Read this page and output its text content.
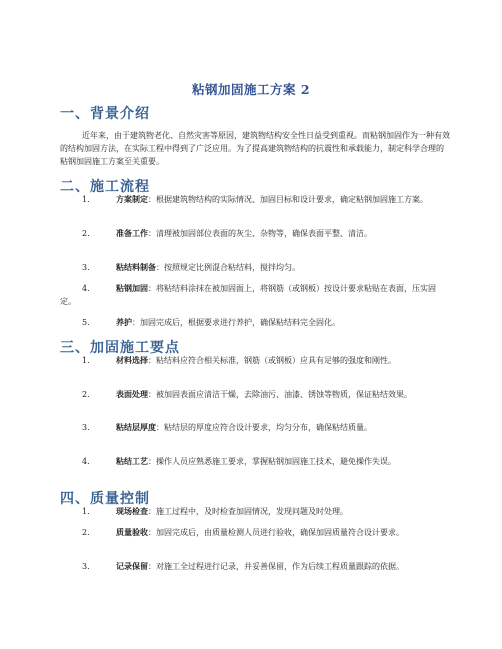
粘钢加固施工方案 2
一、背景介绍
近年来，由于建筑物老化、自然灾害等原因，建筑物结构安全性日益受到重视。而粘钢加固作为一种有效的结构加固方法，在实际工程中得到了广泛应用。为了提高建筑物结构的抗震性和承载能力，制定科学合理的粘钢加固施工方案至关重要。
二、施工流程
1.	方案制定：根据建筑物结构的实际情况、加固目标和设计要求，确定粘钢加固施工方案。
2.	准备工作：清理被加固部位表面的灰尘、杂物等，确保表面平整、清洁。
3.	粘结料制备：按照规定比例混合粘结料，搅拌均匀。
4.	粘钢加固：将粘结料涂抹在被加固面上，将钢筋（或钢板）按设计要求粘贴在表面，压实固定。
5.	养护：加固完成后，根据要求进行养护，确保粘结料完全固化。
三、加固施工要点
1.	材料选择：粘结料应符合相关标准，钢筋（或钢板）应具有足够的强度和刚性。
2.	表面处理：被加固表面应清洁干燥，去除油污、油漆、锈蚀等物质，保证粘结效果。
3.	粘结层厚度：粘结层的厚度应符合设计要求，均匀分布，确保粘结质量。
4.	粘结工艺：操作人员应熟悉施工要求，掌握粘钢加固施工技术，避免操作失误。
四、质量控制
1.	现场检查：施工过程中，及时检查加固情况，发现问题及时处理。
2.	质量验收：加固完成后，由质量检测人员进行验收，确保加固质量符合设计要求。
3.	记录保留：对施工全过程进行记录，并妥善保留，作为后续工程质量跟踪的依据。
